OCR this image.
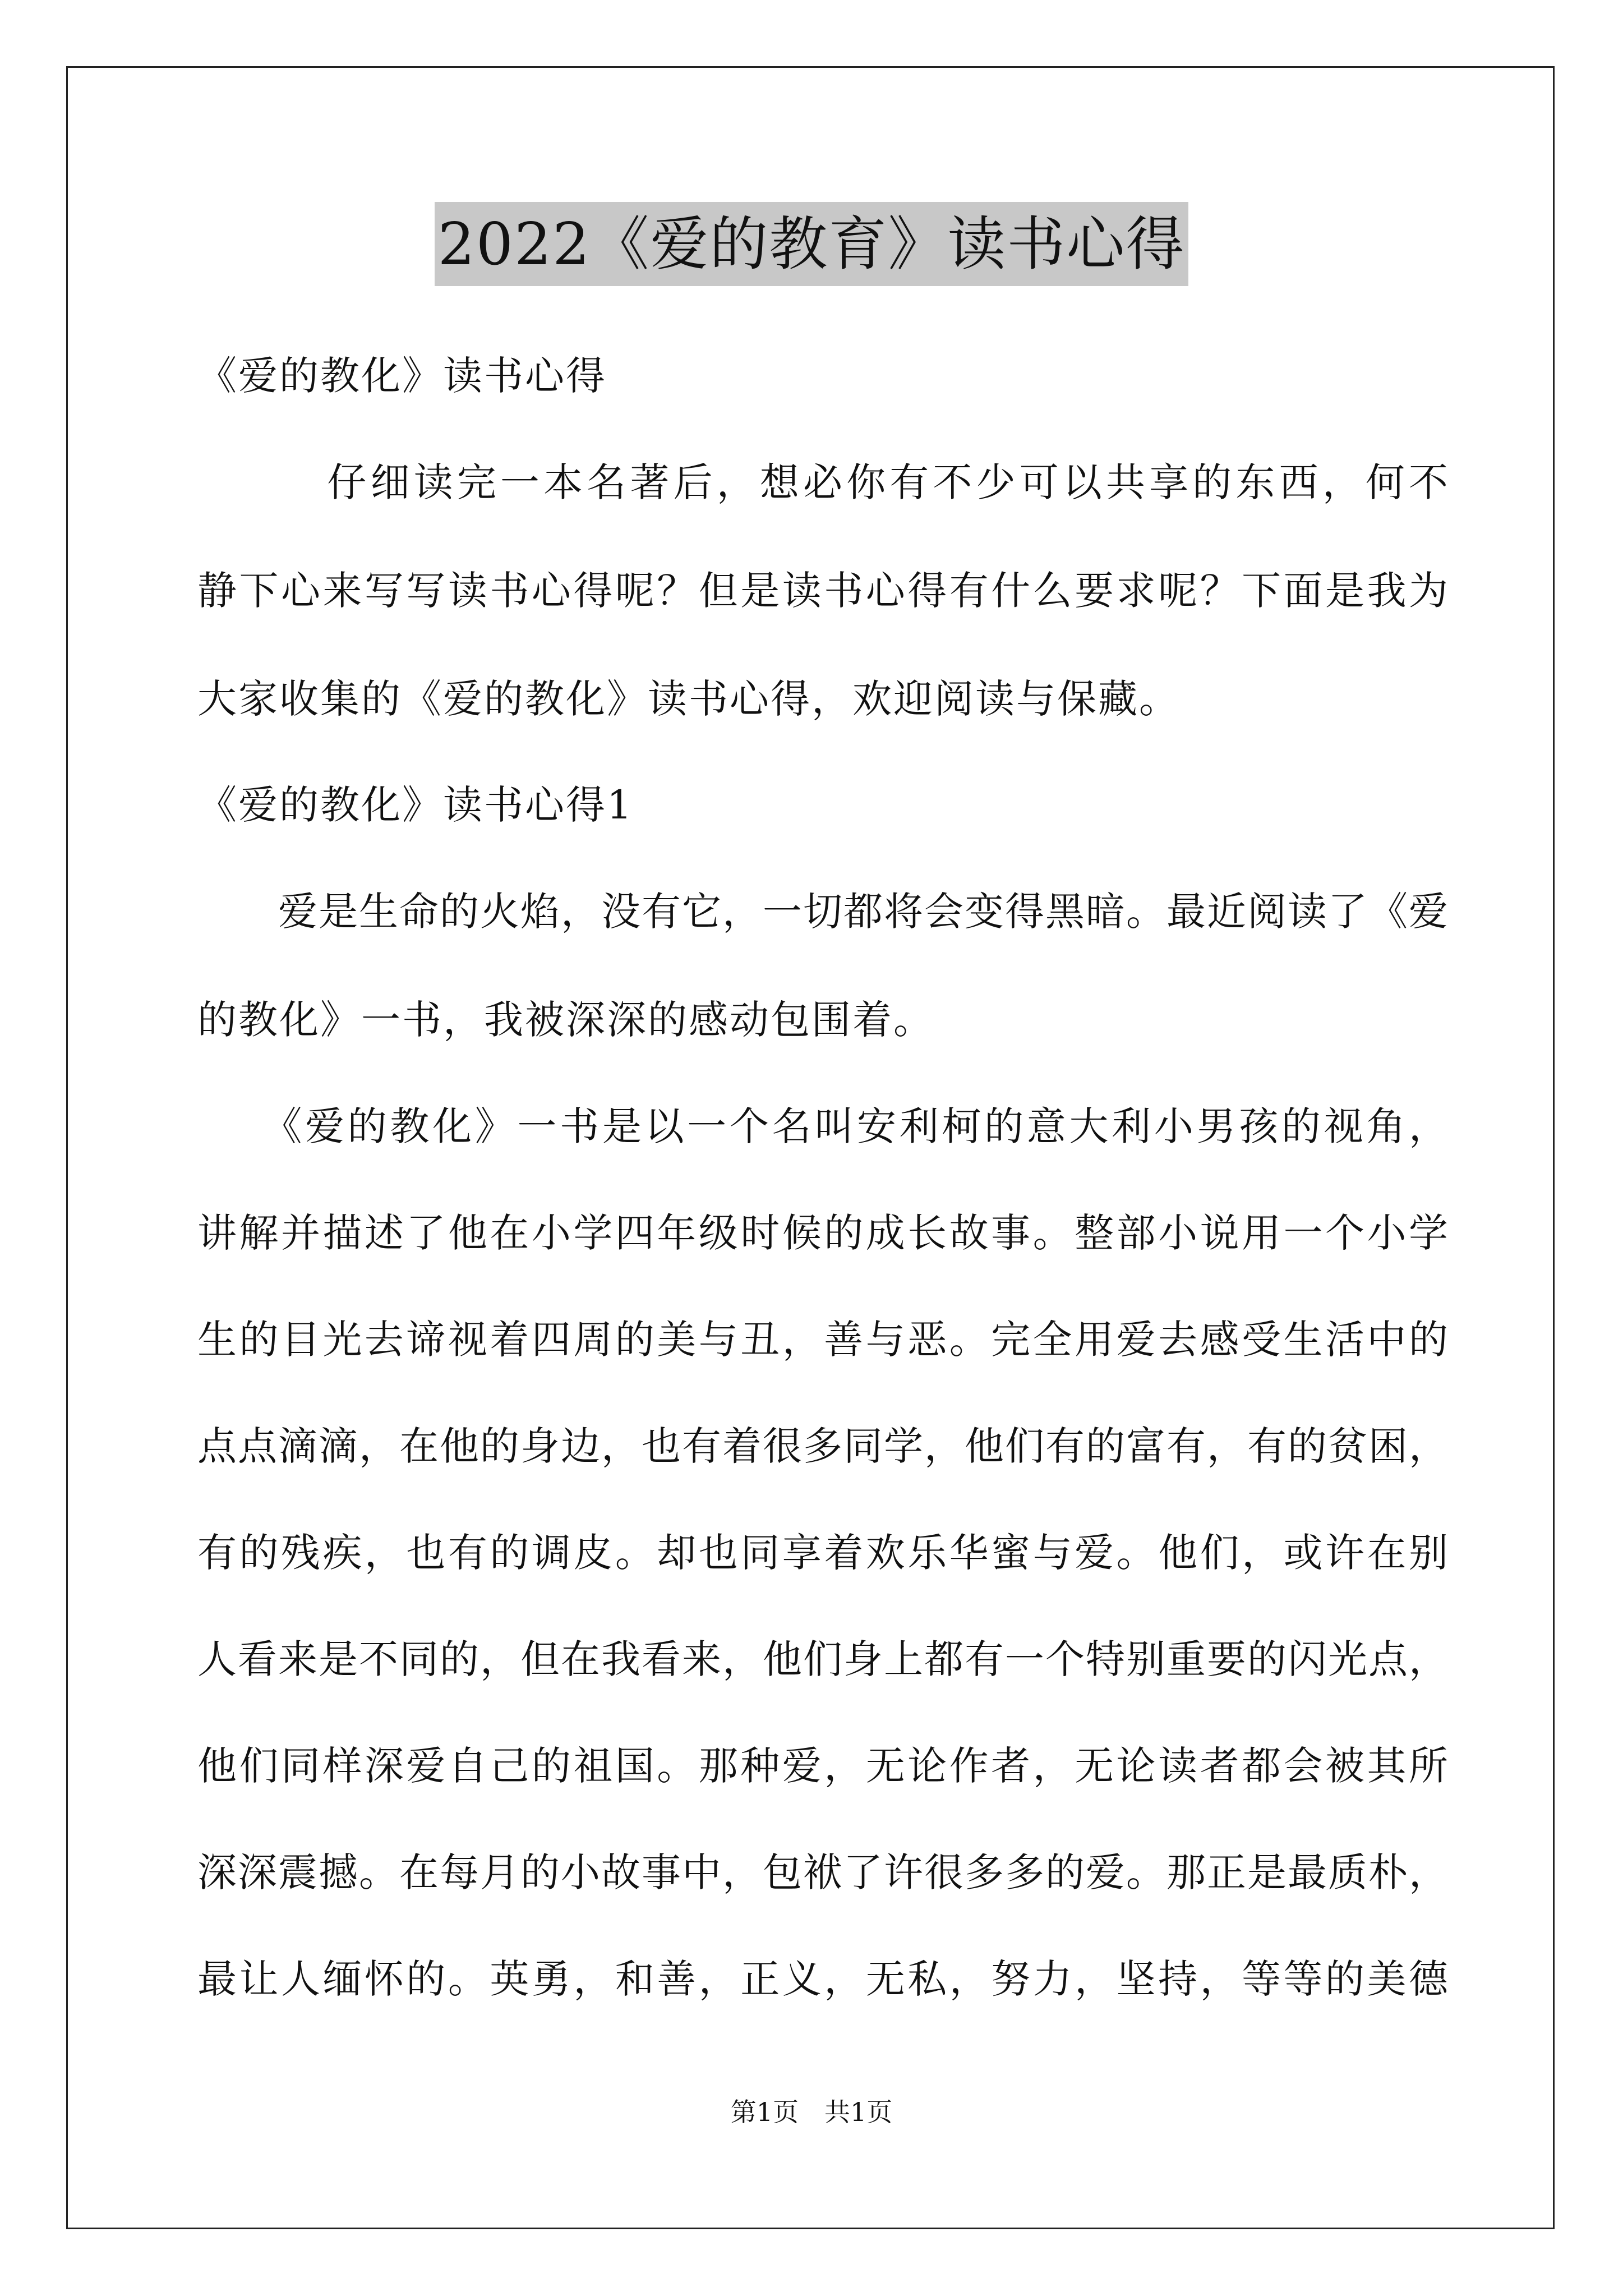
2022《爱的教育》读书心得
《爱的教化》读书心得
　　　仔细读完一本名著后，想必你有不少可以共享的东西，何不
静下心来写写读书心得呢？但是读书心得有什么要求呢？下面是我为
大家收集的《爱的教化》读书心得，欢迎阅读与保藏。
《爱的教化》读书心得1
　　爱是生命的火焰，没有它，一切都将会变得黑暗。最近阅读了《爱
的教化》一书，我被深深的感动包围着。
　　《爱的教化》一书是以一个名叫安利柯的意大利小男孩的视角，
讲解并描述了他在小学四年级时候的成长故事。整部小说用一个小学
生的目光去谛视着四周的美与丑，善与恶。完全用爱去感受生活中的
点点滴滴，在他的身边，也有着很多同学，他们有的富有，有的贫困，
有的残疾，也有的调皮。却也同享着欢乐华蜜与爱。他们，或许在别
人看来是不同的，但在我看来，他们身上都有一个特别重要的闪光点，
他们同样深爱自己的祖国。那种爱，无论作者，无论读者都会被其所
深深震撼。在每月的小故事中，包袱了许很多多的爱。那正是最质朴，
最让人缅怀的。英勇，和善，正义，无私，努力，坚持，等等的美德
第1页　共1页
